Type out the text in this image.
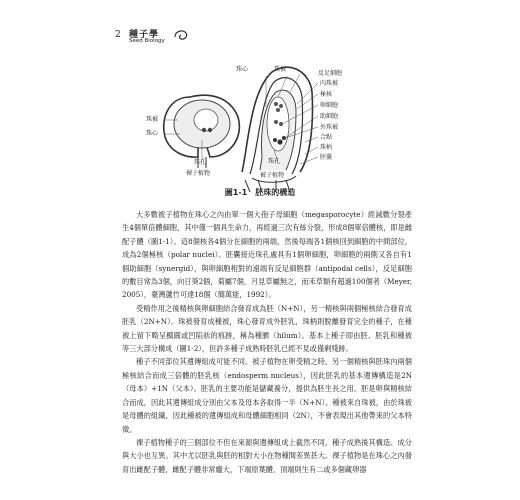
2 種子學
Seed Biology
珠心	珠被
反足細胞
內珠被
極核
卵細胞
助細胞
外珠被
合點
珠柄
胚囊
珠被
珠心
珠孔	珠孔
裸子植物	被子植物
圖1-1 胚珠的構造

大多數被子植物在珠心之內由單一個大孢子母細胞（megasporocyte）經減數分裂產生4個單倍體細胞，其中僅一個具生命力，再經過三次有絲分裂，形成8個單倍體核，即是雌配子體（圖1-1）。這8個核各4個分在細胞的兩端，然後每端各1個核回到細胞的中間部位，成為2個極核（polar nuclei）。胚囊接近珠孔處具有1個卵細胞，卵細胞的兩側又各自有1個助細胞（synergid），與卵細胞相對的遠端有反足細胞群（antipodal cells），反足細胞的數目常為3個，向日葵2個，菊屬7個，月見草屬無之，而禾草類有超過100個者（Meyer, 2005），臺灣蘆竹可達18個（簡萬能，1992）。

受精作用之後精核與卵細胞結合發育成為胚（N+N），另一精核與兩個極核結合發育成胚乳（2N+N）。珠被發育成種被，珠心發育成外胚乳，珠柄則脫離發育完全的種子，在種被上留下略呈橢圓或凹陷狀的痕跡，稱為種臍（hilum）。基本上種子即由胚、胚乳和種被等三大部分構成（圖1-2），但許多種子成熟時胚乳已經不見或僅剩殘跡。

種子不同部位其遺傳組成可能不同。被子植物在卵受精之時，另一個精核與胚珠內兩個極核結合而成三倍體的胚乳核（endosperm nucleus），因此胚乳的基本遺傳構造是2N（母本）+1N（父本）。胚乳的主要功能是儲藏養分，提供為胚生長之用。胚是卵與精核結合而成，因此其遺傳組成分別由父本及母本各取得一半（N+N）。種被來自珠被，由於珠被是母體的組織，因此種被的遺傳組成和母體細胞相同（2N），不會表現出其他帶來的父本特徵。

裸子植物種子的三個部位不但在來源與遺傳組成上截然不同，種子成熟後其構造、成分與大小也互異。其中尤以胚乳與胚的相對大小在物種間差異甚大。裸子植物是在珠心之內發育出雌配子體，雌配子體非常龐大，下端原葉體、頂端則生有二或多個藏卵器
